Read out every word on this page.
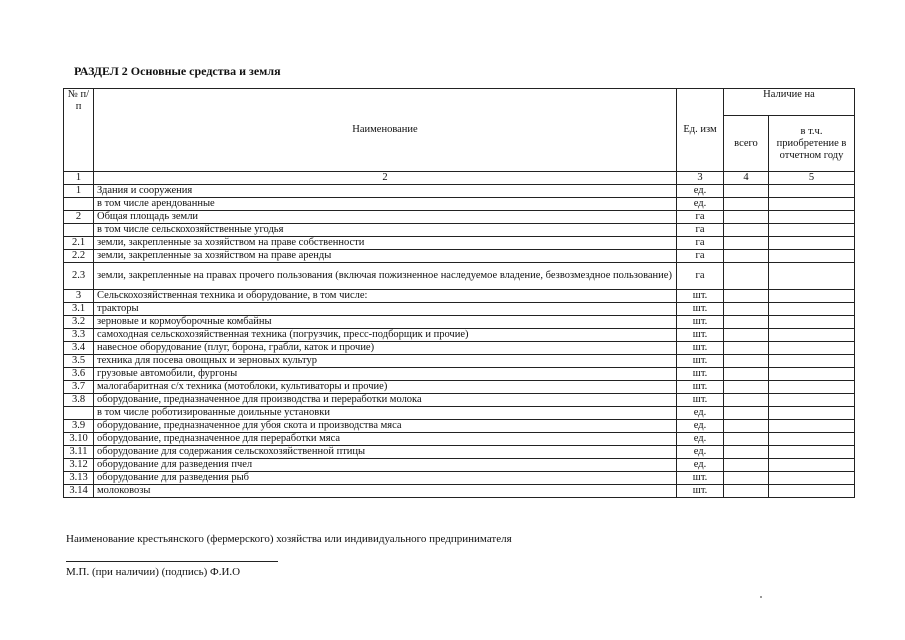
РАЗДЕЛ 2 Основные средства и земля
№ п/п	Наименование	Ед. изм	Наличие на	
			всего	в т.ч. приобретение в отчетном году
1	2	3	4	5
1	Здания и сооружения	ед.		
	в том числе арендованные	ед.		
2	Общая площадь земли	га		
	в том числе сельскохозяйственные угодья	га		
2.1	земли, закрепленные за хозяйством на праве собственности	га		
2.2	земли, закрепленные за хозяйством на праве аренды	га		
2.3	земли, закрепленные на правах прочего пользования (включая пожизненное наследуемое владение, безвозмездное пользование)	га		
3	Сельскохозяйственная техника и оборудование, в том числе:	шт.		
3.1	тракторы	шт.		
3.2	зерновые и кормоуборочные комбайны	шт.		
3.3	самоходная сельскохозяйственная техника (погрузчик, пресс-подборщик и прочие)	шт.		
3.4	навесное оборудование (плуг, борона, грабли, каток и прочие)	шт.		
3.5	техника для посева овощных и зерновых культур	шт.		
3.6	грузовые автомобили, фургоны	шт.		
3.7	малогабаритная с/х техника (мотоблоки, культиваторы и прочие)	шт.		
3.8	оборудование, предназначенное для производства и переработки молока	шт.		
	в том числе роботизированные доильные установки	ед.		
3.9	оборудование, предназначенное для убоя скота и производства мяса	ед.		
3.10	оборудование, предназначенное для переработки мяса	ед.		
3.11	оборудование для содержания сельскохозяйственной птицы	ед.		
3.12	оборудование для разведения пчел	ед.		
3.13	оборудование для разведения рыб	шт.		
3.14	молоковозы	шт.		
Наименование крестьянского (фермерского) хозяйства или индивидуального предпринимателя
М.П. (при наличии) (подпись) Ф.И.О
